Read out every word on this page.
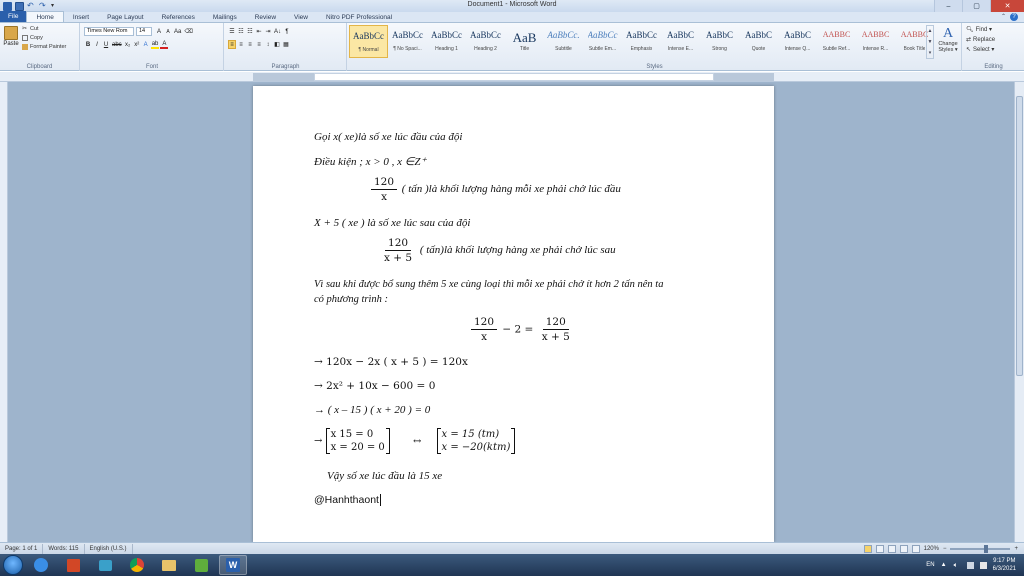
↶ ↷ ▾	Document1 - Microsoft Word	–	▢	✕
File	Home	Insert	Page Layout	References	Mailings	Review	View	Nitro PDF Professional	⌃	?
Paste
✂ Cut
Copy
Format Painter
Clipboard
Times New Rom	14	A	A Aa ⌫
B I	U abc x₂ x² A ab A
Font
☰ ☷ ☷ ⇤ ⇥ A↓ ¶
≡ ≡ ≡ ≡ ↕ ◧ ▦
Paragraph	Styles
AaBbCc
¶ Normal
AaBbCc
¶ No Spaci...
AaBbCc
Heading 1
AaBbCc
Heading 2
AaB
Title
AaBbCc.
Subtitle
AaBbCc
Subtle Em...
AaBbCc
Emphasis
AaBbC
Intense E...
AaBbC
Strong
AaBbC
Quote
AaBbC
Intense Q...
AABBC
Subtle Ref...
AABBC
Intense R...
AABBC
Book Title
▲
▼
▾
A
Change Styles ▾
Editing
🔍︎ Find ▾
⇄ Replace
↖ Select ▾
Gọi x( xe)là số xe lúc đầu của đội
Điều kiện ; x > 0 , x ∈Z⁺
$\frac{120}{x}$ ( tấn )là khối lượng hàng mỗi xe phải chở lúc đầu
X + 5 ( xe ) là số xe lúc sau của đội
$\frac{120}{x + 5}$ ( tấn)là khối lượng hàng xe phải chở lúc sau
Vì sau khi được bổ sung thêm 5 xe cùng loại thì mỗi xe phải chở ít hơn 2 tấn nên ta
có phương trình :
$\frac{120}{x} - 2 = \frac{120}{x + 5}$
→ 120x − 2x ( x + 5 ) = 120x
→ 2x² + 10x − 600 = 0
→ ( x – 15 ) ( x + 20 ) = 0
→
x 15 = 0
x = 20 = 0
↔
x = 15 (tm)
x = −20(ktm)
Vậy số xe lúc đầu là 15 xe
@Hanhthaont
Page: 1 of 1	Words: 115	English (U.S.)	120% −	+
W	EN ▲ 🔈︎
9:17 PM
6/3/2021
